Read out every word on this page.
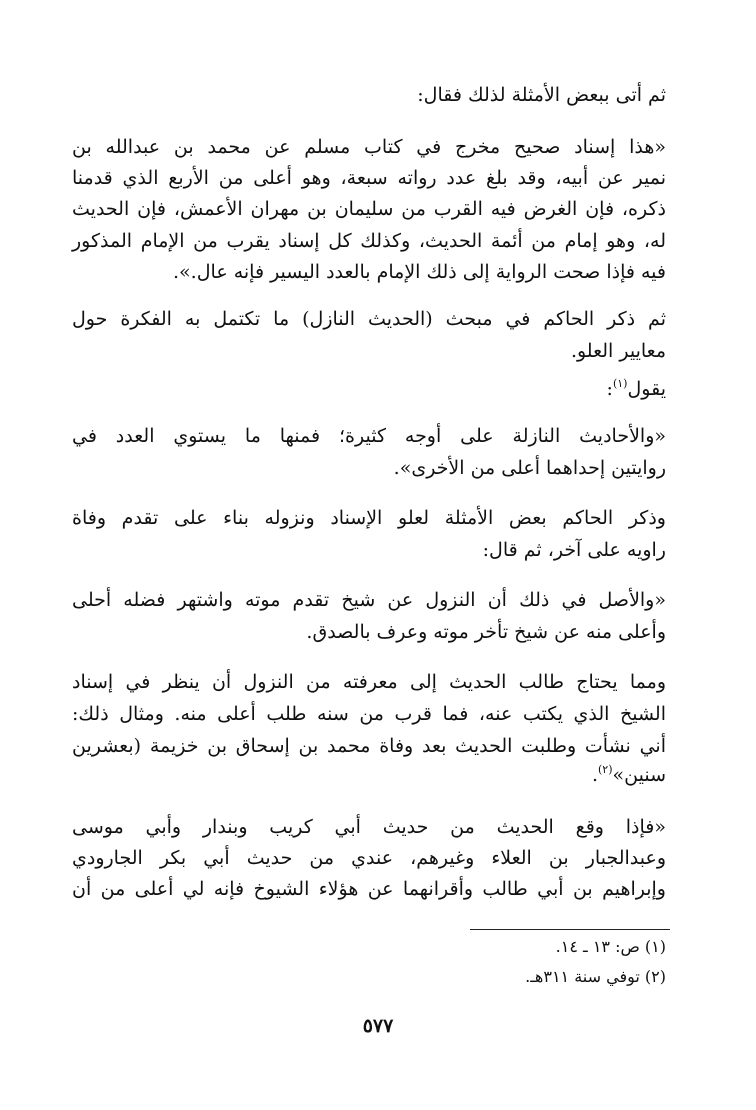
ثم أتى ببعض الأمثلة لذلك فقال:
«هذا إسناد صحيح مخرج في كتاب مسلم عن محمد بن عبدالله بن
نمير عن أبيه، وقد بلغ عدد رواته سبعة، وهو أعلى من الأربع الذي قدمنا
ذكره، فإن الغرض فيه القرب من سليمان بن مهران الأعمش، فإن الحديث
له، وهو إمام من أئمة الحديث، وكذلك كل إسناد يقرب من الإمام المذكور
فيه فإذا صحت الرواية إلى ذلك الإمام بالعدد اليسير فإنه عال.».
ثم ذكر الحاكم في مبحث (الحديث النازل) ما تكتمل به الفكرة حول
معايير العلو.
يقول$^{(١)}$:
«والأحاديث النازلة على أوجه كثيرة؛ فمنها ما يستوي العدد في
روايتين إحداهما أعلى من الأخرى».
وذكر الحاكم بعض الأمثلة لعلو الإسناد ونزوله بناء على تقدم وفاة
راويه على آخر، ثم قال:
«والأصل في ذلك أن النزول عن شيخ تقدم موته واشتهر فضله أحلى
وأعلى منه عن شيخ تأخر موته وعرف بالصدق.
ومما يحتاج طالب الحديث إلى معرفته من النزول أن ينظر في إسناد
الشيخ الذي يكتب عنه، فما قرب من سنه طلب أعلى منه. ومثال ذلك:
أني نشأت وطلبت الحديث بعد وفاة محمد بن إسحاق بن خزيمة (بعشرين
سنين»$^{(٢)}$.
«فإذا وقع الحديث من حديث أبي كريب وبندار وأبي موسى
وعبدالجبار بن العلاء وغيرهم، عندي من حديث أبي بكر الجارودي
وإبراهيم بن أبي طالب وأقرانهما عن هؤلاء الشيوخ فإنه لي أعلى من أن
(١) ص: ١٣ ـ ١٤.
(٢) توفي سنة ٣١١هـ.
٥٧٧
